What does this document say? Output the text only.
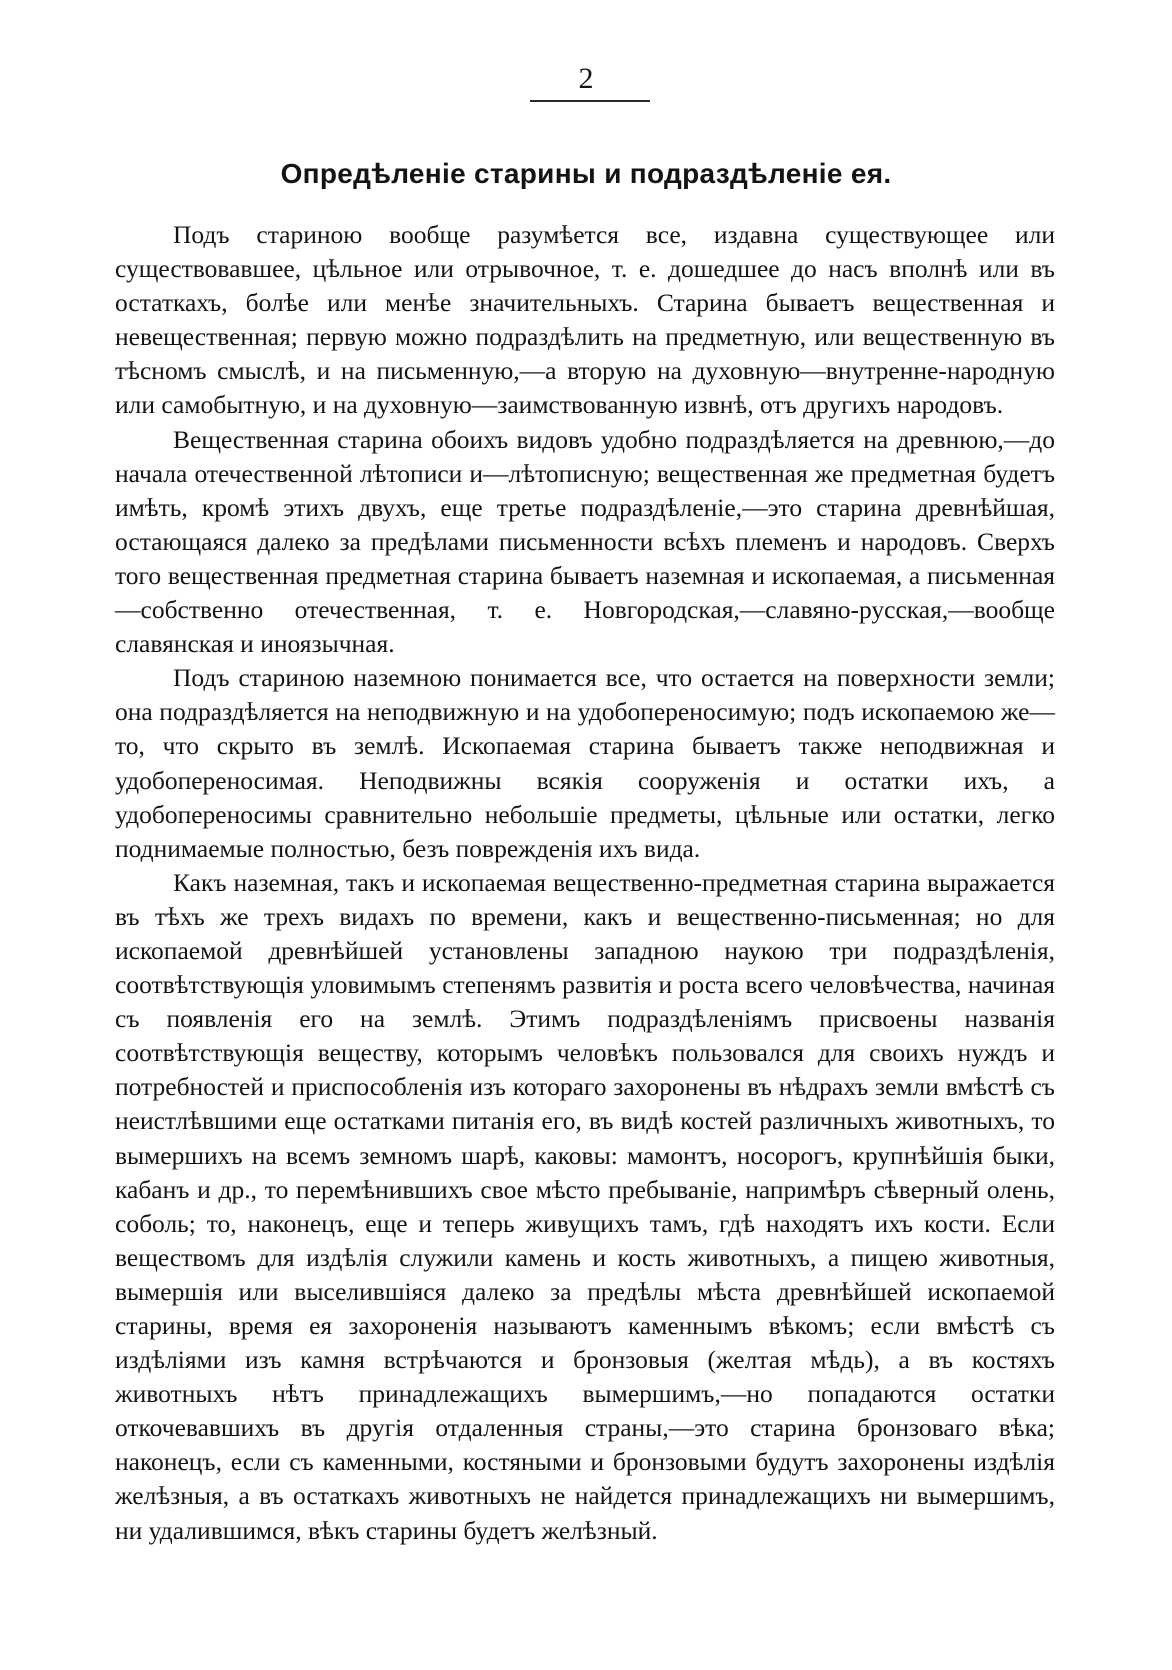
2
Опредѣленіе старины и подраздѣленіе ея.

Подъ стариною вообще разумѣется все, издавна существующее или существовавшее, цѣльное или отрывочное, т. е. дошедшее до насъ вполнѣ или въ остаткахъ, болѣе или менѣе значительныхъ. Старина бываетъ вещественная и невещественная; первую можно подраздѣлить на предметную, или вещественную въ тѣсномъ смыслѣ, и на письменную,—а вторую на духовную—внутренне-народную или самобытную, и на духовную—заимствованную извнѣ, отъ другихъ народовъ.

Вещественная старина обоихъ видовъ удобно подраздѣляется на древнюю,—до начала отечественной лѣтописи и—лѣтописную; вещественная же предметная будетъ имѣть, кромѣ этихъ двухъ, еще третье подраздѣленіе,—это старина древнѣйшая, остающаяся далеко за предѣлами письменности всѣхъ племенъ и народовъ. Сверхъ того вещественная предметная старина бываетъ наземная и ископаемая, а письменная—собственно отечественная, т. е. Новгородская,—славяно-русская,—вообще славянская и иноязычная.

Подъ стариною наземною понимается все, что остается на поверхности земли; она подраздѣляется на неподвижную и на удобопереносимую; подъ ископаемою же—то, что скрыто въ землѣ. Ископаемая старина бываетъ также неподвижная и удобопереносимая. Неподвижны всякія сооруженія и остатки ихъ, а удобопереносимы сравнительно небольшіе предметы, цѣльные или остатки, легко поднимаемые полностью, безъ поврежденія ихъ вида.

Какъ наземная, такъ и ископаемая вещественно-предметная старина выражается въ тѣхъ же трехъ видахъ по времени, какъ и вещественно-письменная; но для ископаемой древнѣйшей установлены западною наукою три подраздѣленія, соотвѣтствующія уловимымъ степенямъ развитія и роста всего человѣчества, начиная съ появленія его на землѣ. Этимъ подраздѣленіямъ присвоены названія соотвѣтствующія веществу, которымъ человѣкъ пользовался для своихъ нуждъ и потребностей и приспособленія изъ котораго захоронены въ нѣдрахъ земли вмѣстѣ съ неистлѣвшими еще остатками питанія его, въ видѣ костей различныхъ животныхъ, то вымершихъ на всемъ земномъ шарѣ, каковы: мамонтъ, носорогъ, крупнѣйшія быки, кабанъ и др., то перемѣнившихъ свое мѣсто пребываніе, напримѣръ сѣверный олень, соболь; то, наконецъ, еще и теперь живущихъ тамъ, гдѣ находятъ ихъ кости. Если веществомъ для издѣлія служили камень и кость животныхъ, а пищею животныя, вымершія или выселившіяся далеко за предѣлы мѣста древнѣйшей ископаемой старины, время ея захороненія называютъ каменнымъ вѣкомъ; если вмѣстѣ съ издѣліями изъ камня встрѣчаются и бронзовыя (желтая мѣдь), а въ костяхъ животныхъ нѣтъ принадлежащихъ вымершимъ,—но попадаются остатки откочевавшихъ въ другія отдаленныя страны,—это старина бронзоваго вѣка; наконецъ, если съ каменными, костяными и бронзовыми будутъ захоронены издѣлія желѣзныя, а въ остаткахъ животныхъ не найдется принадлежащихъ ни вымершимъ, ни удалившимся, вѣкъ старины будетъ желѣзный.
